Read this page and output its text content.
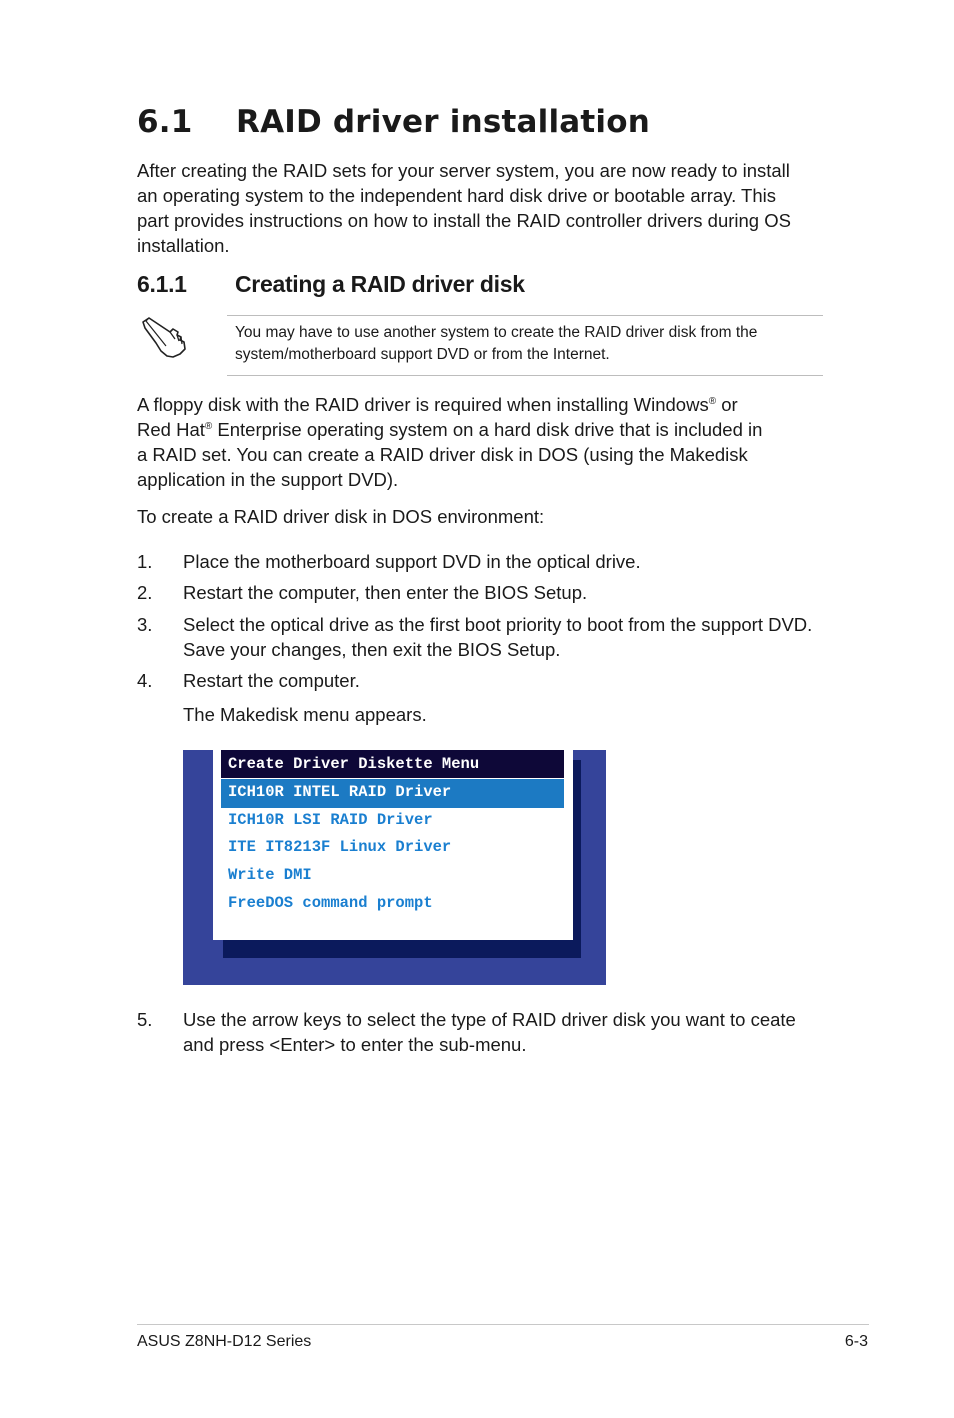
6.1 RAID driver installation
After creating the RAID sets for your server system, you are now ready to install an operating system to the independent hard disk drive or bootable array. This part provides instructions on how to install the RAID controller drivers during OS installation.
6.1.1 Creating a RAID driver disk
You may have to use another system to create the RAID driver disk from the system/motherboard support DVD or from the Internet.
A floppy disk with the RAID driver is required when installing Windows® or
Red Hat® Enterprise operating system on a hard disk drive that is included in
a RAID set. You can create a RAID driver disk in DOS (using the Makedisk
application in the support DVD).
To create a RAID driver disk in DOS environment:
1. Place the motherboard support DVD in the optical drive.
2. Restart the computer, then enter the BIOS Setup.
3. Select the optical drive as the first boot priority to boot from the support DVD. Save your changes, then exit the BIOS Setup.
4. Restart the computer.
The Makedisk menu appears.
Create Driver Diskette Menu
ICH10R INTEL RAID Driver
ICH10R LSI RAID Driver
ITE IT8213F Linux Driver
Write DMI
FreeDOS command prompt
5. Use the arrow keys to select the type of RAID driver disk you want to ceate and press <Enter> to enter the sub-menu.
ASUS Z8NH-D12 Series	6-3
